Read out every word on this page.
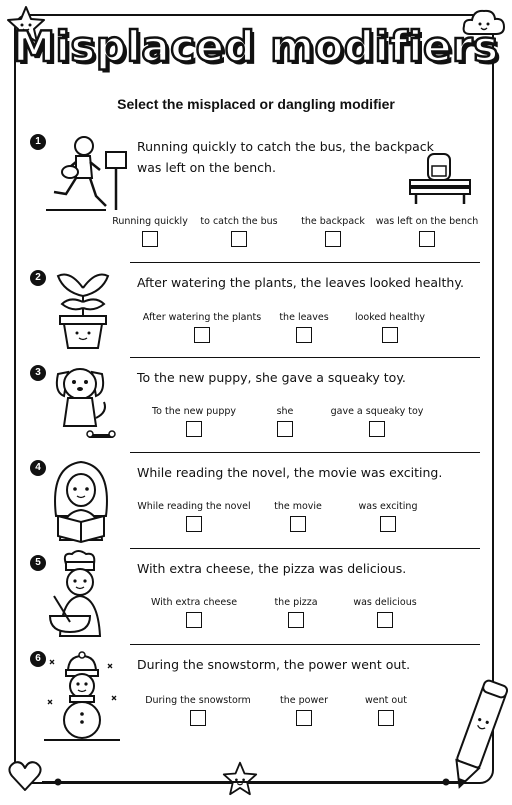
Misplaced modifiers
Select the misplaced or dangling modifier
1	Running quickly to catch the bus, the backpack
was left on the bench.
Running quickly	to catch the bus	the backpack	was left on the bench
2	After watering the plants, the leaves looked healthy.
After watering the plants	the leaves	looked healthy
3	To the new puppy, she gave a squeaky toy.
To the new puppy	she	gave a squeaky toy
4	While reading the novel, the movie was exciting.
While reading the novel	the movie	was exciting
5	With extra cheese, the pizza was delicious.
With extra cheese	the pizza	was delicious
6	During the snowstorm, the power went out.
During the snowstorm	the power	went out
